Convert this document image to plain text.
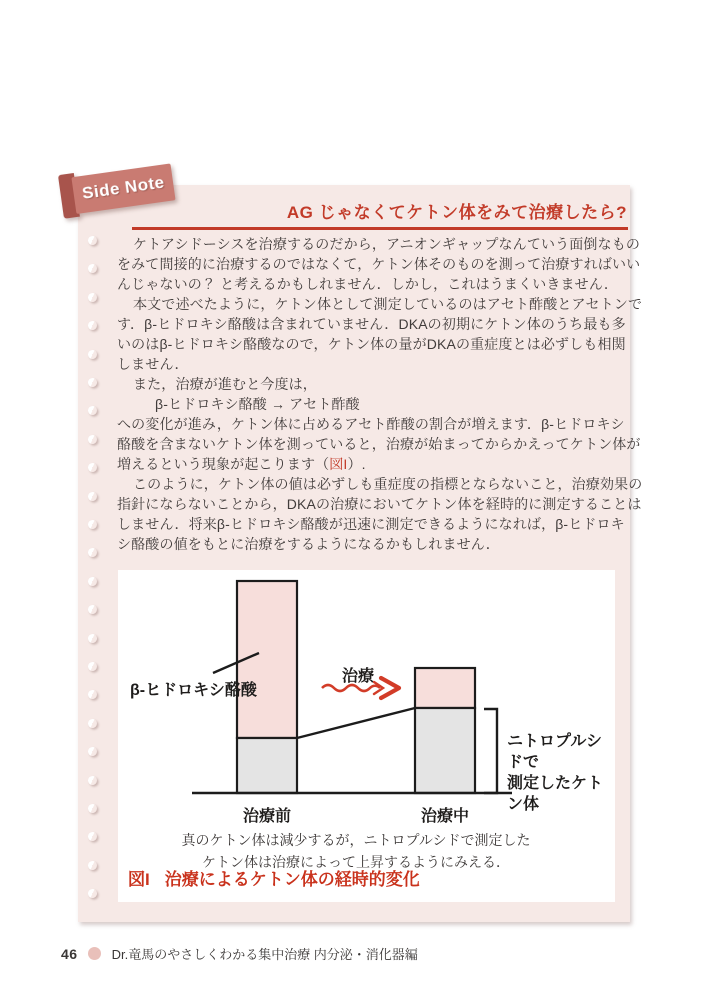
Side Note
AG じゃなくてケトン体をみて治療したら?
ケトアシドーシスを治療するのだから，アニオンギャップなんていう面倒なもの
をみて間接的に治療するのではなくて，ケトン体そのものを測って治療すればいい
んじゃないの？ と考えるかもしれません．しかし，これはうまくいきません．
本文で述べたように，ケトン体として測定しているのはアセト酢酸とアセトンで
す．β-ヒドロキシ酪酸は含まれていません．DKAの初期にケトン体のうち最も多
いのはβ-ヒドロキシ酪酸なので，ケトン体の量がDKAの重症度とは必ずしも相関
しません．
また，治療が進むと今度は，
β-ヒドロキシ酪酸 → アセト酢酸
への変化が進み，ケトン体に占めるアセト酢酸の割合が増えます．β-ヒドロキシ
酪酸を含まないケトン体を測っていると，治療が始まってからかえってケトン体が
増えるという現象が起こります（図I）.
このように，ケトン体の値は必ずしも重症度の指標とならないこと，治療効果の
指針にならないことから，DKAの治療においてケトン体を経時的に測定することは
しません．将来β-ヒドロキシ酪酸が迅速に測定できるようになれば，β-ヒドロキ
シ酪酸の値をもとに治療をするようになるかもしれません．
β-ヒドロキシ酪酸
治療
ニトロプルシドで
測定したケトン体
治療前	治療中
真のケトン体は減少するが，ニトロプルシドで測定した
ケトン体は治療によって上昇するようにみえる．
図I 治療によるケトン体の経時的変化
46	Dr.竜馬のやさしくわかる集中治療 内分泌・消化器編
